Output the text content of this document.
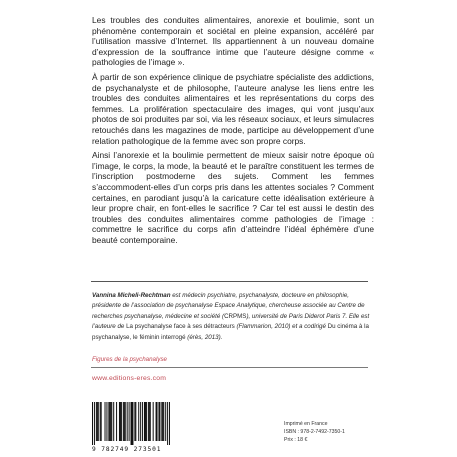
Les troubles des conduites alimentaires, anorexie et boulimie, sont un phénomène contemporain et sociétal en pleine expansion, accéléré par l’utilisation massive d’Internet. Ils appartiennent à un nouveau domaine d’expression de la souffrance intime que l’auteure désigne comme « pathologies de l’image ».

À partir de son expérience clinique de psychiatre spécialiste des addictions, de psychanalyste et de philosophe, l’auteure analyse les liens entre les troubles des conduites alimentaires et les représentations du corps des femmes. La prolifération spectaculaire des images, qui vont jusqu’aux photos de soi produites par soi, via les réseaux sociaux, et leurs simulacres retouchés dans les magazines de mode, participe au développement d’une relation pathologique de la femme avec son propre corps.

Ainsi l’anorexie et la boulimie permettent de mieux saisir notre époque où l’image, le corps, la mode, la beauté et le paraître constituent les termes de l’inscription postmoderne des sujets. Comment les femmes s’accommodent-elles d’un corps pris dans les attentes sociales ? Comment certaines, en parodiant jusqu’à la caricature cette idéalisation extérieure à leur propre chair, en font-elles le sacrifice ? Car tel est aussi le destin des troubles des conduites alimentaires comme pathologies de l’image : commettre le sacrifice du corps afin d’atteindre l’idéal éphémère d’une beauté contemporaine.

Vannina Micheli-Rechtman est médecin psychiatre, psychanalyste, docteure en philosophie, présidente de l’association de psychanalyse Espace Analytique, chercheuse associée au Centre de recherches psychanalyse, médecine et société (CRPMS), université de Paris Diderot Paris 7. Elle est l’auteure de La psychanalyse face à ses détracteurs (Flammarion, 2010) et a codirigé Du cinéma à la psychanalyse, le féminin interrogé (érès, 2013).
Figures de la psychanalyse
www.editions-eres.com
9 782749 273501
Imprimé en France
ISBN : 978-2-7492-7350-1
Prix : 18 €
